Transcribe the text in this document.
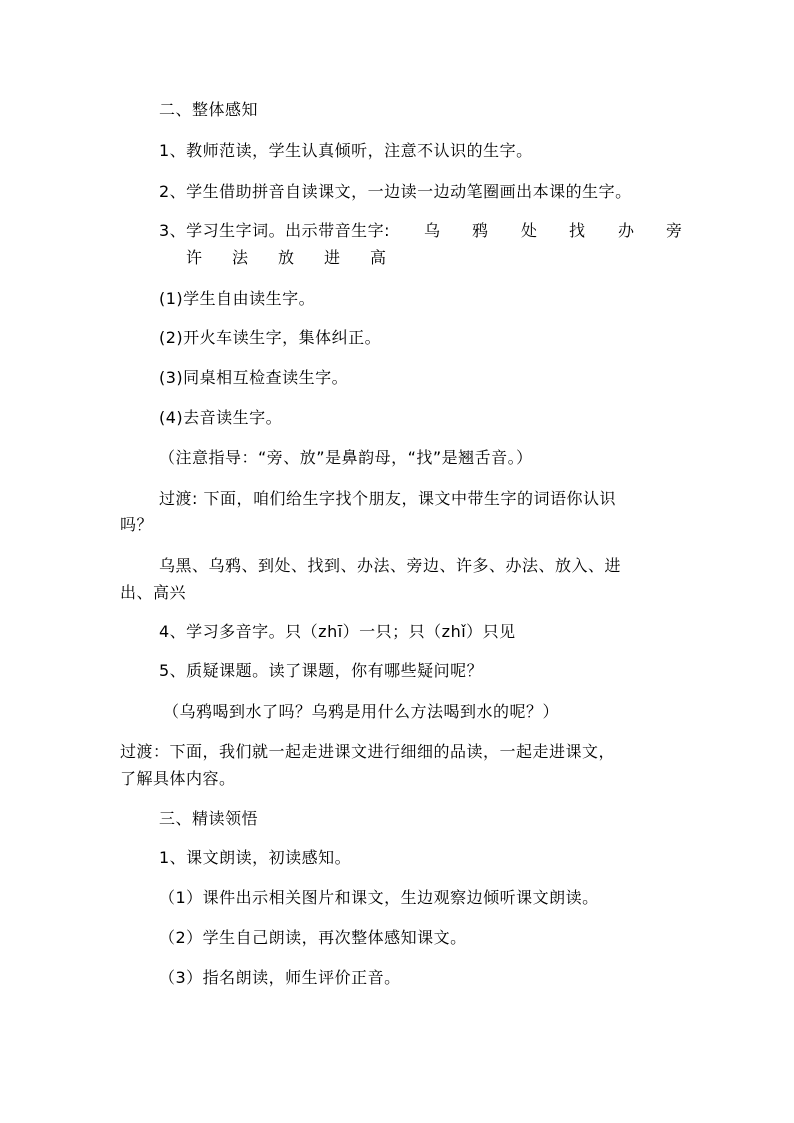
二、整体感知
1、教师范读，学生认真倾听，注意不认识的生字。
2、学生借助拼音自读课文，一边读一边动笔圈画出本课的生字。
3、学习生字词。出示带音生字: 乌 鸦 处 找 办 旁
许 法 放 进 高
(1)学生自由读生字。
(2)开火车读生字，集体纠正。
(3)同桌相互检查读生字。
(4)去音读生字。
（注意指导：“旁、放”是鼻韵母，“找”是翘舌音。）
过渡: 下面，咱们给生字找个朋友，课文中带生字的词语你认识
吗？
乌黑、乌鸦、到处、找到、办法、旁边、许多、办法、放入、进
出、高兴
4、学习多音字。只（zhī）一只；只（zhǐ）只见
5、质疑课题。读了课题，你有哪些疑问呢？
（乌鸦喝到水了吗？乌鸦是用什么方法喝到水的呢？）
过渡：下面，我们就一起走进课文进行细细的品读，一起走进课文，
了解具体内容。
三、精读领悟
1、课文朗读，初读感知。
（1）课件出示相关图片和课文，生边观察边倾听课文朗读。
（2）学生自己朗读，再次整体感知课文。
（3）指名朗读，师生评价正音。
